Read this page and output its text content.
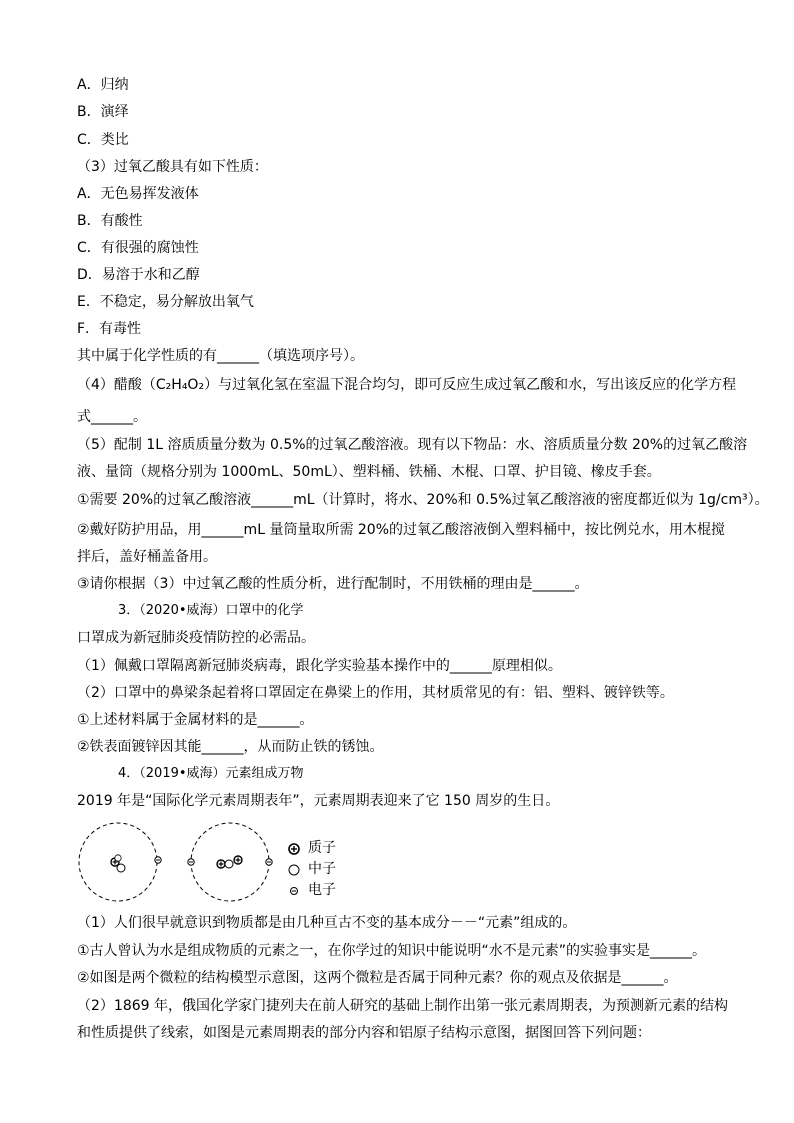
A．归纳
B．演绎
C．类比
（3）过氧乙酸具有如下性质：
A．无色易挥发液体
B．有酸性
C．有很强的腐蚀性
D．易溶于水和乙醇
E．不稳定，易分解放出氧气
F．有毒性
其中属于化学性质的有______（填选项序号）。
（4）醋酸（C₂H₄O₂）与过氧化氢在室温下混合均匀，即可反应生成过氧乙酸和水，写出该反应的化学方程
式______。
（5）配制 1L 溶质质量分数为 0.5%的过氧乙酸溶液。现有以下物品：水、溶质质量分数 20%的过氧乙酸溶
液、量筒（规格分别为 1000mL、50mL）、塑料桶、铁桶、木棍、口罩、护目镜、橡皮手套。
①需要 20%的过氧乙酸溶液______mL（计算时，将水、20%和 0.5%过氧乙酸溶液的密度都近似为 1g/cm³）。
②戴好防护用品，用______mL 量筒量取所需 20%的过氧乙酸溶液倒入塑料桶中，按比例兑水，用木棍搅
拌后，盖好桶盖备用。
③请你根据（3）中过氧乙酸的性质分析，进行配制时，不用铁桶的理由是______。
3．（2020•威海）口罩中的化学
口罩成为新冠肺炎疫情防控的必需品。
（1）佩戴口罩隔离新冠肺炎病毒，跟化学实验基本操作中的______原理相似。
（2）口罩中的鼻梁条起着将口罩固定在鼻梁上的作用，其材质常见的有：铝、塑料、镀锌铁等。
①上述材料属于金属材料的是______。
②铁表面镀锌因其能______，从而防止铁的锈蚀。
4．（2019•威海）元素组成万物
2019 年是“国际化学元素周期表年”，元素周期表迎来了它 150 周岁的生日。
质子
中子
电子
（1）人们很早就意识到物质都是由几种亘古不变的基本成分－－“元素”组成的。
①古人曾认为水是组成物质的元素之一，在你学过的知识中能说明“水不是元素”的实验事实是______。
②如图是两个微粒的结构模型示意图，这两个微粒是否属于同种元素？你的观点及依据是______。
（2）1869 年，俄国化学家门捷列夫在前人研究的基础上制作出第一张元素周期表，为预测新元素的结构
和性质提供了线索，如图是元素周期表的部分内容和铝原子结构示意图，据图回答下列问题：
